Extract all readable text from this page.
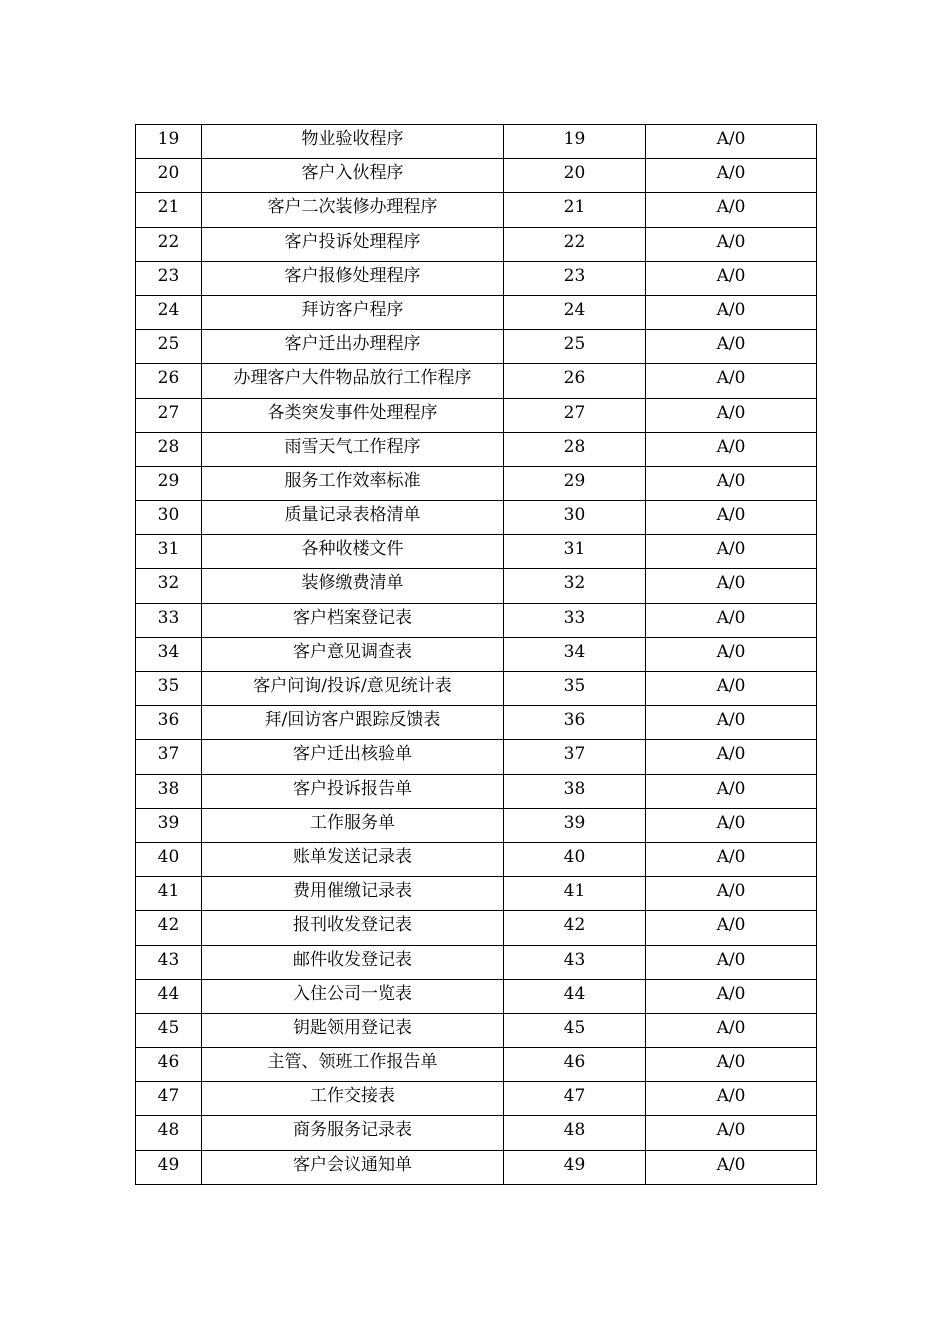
19	物业验收程序	19	A/0
20	客户入伙程序	20	A/0
21	客户二次装修办理程序	21	A/0
22	客户投诉处理程序	22	A/0
23	客户报修处理程序	23	A/0
24	拜访客户程序	24	A/0
25	客户迁出办理程序	25	A/0
26	办理客户大件物品放行工作程序	26	A/0
27	各类突发事件处理程序	27	A/0
28	雨雪天气工作程序	28	A/0
29	服务工作效率标准	29	A/0
30	质量记录表格清单	30	A/0
31	各种收楼文件	31	A/0
32	装修缴费清单	32	A/0
33	客户档案登记表	33	A/0
34	客户意见调查表	34	A/0
35	客户问询/投诉/意见统计表	35	A/0
36	拜/回访客户跟踪反馈表	36	A/0
37	客户迁出核验单	37	A/0
38	客户投诉报告单	38	A/0
39	工作服务单	39	A/0
40	账单发送记录表	40	A/0
41	费用催缴记录表	41	A/0
42	报刊收发登记表	42	A/0
43	邮件收发登记表	43	A/0
44	入住公司一览表	44	A/0
45	钥匙领用登记表	45	A/0
46	主管、领班工作报告单	46	A/0
47	工作交接表	47	A/0
48	商务服务记录表	48	A/0
49	客户会议通知单	49	A/0
